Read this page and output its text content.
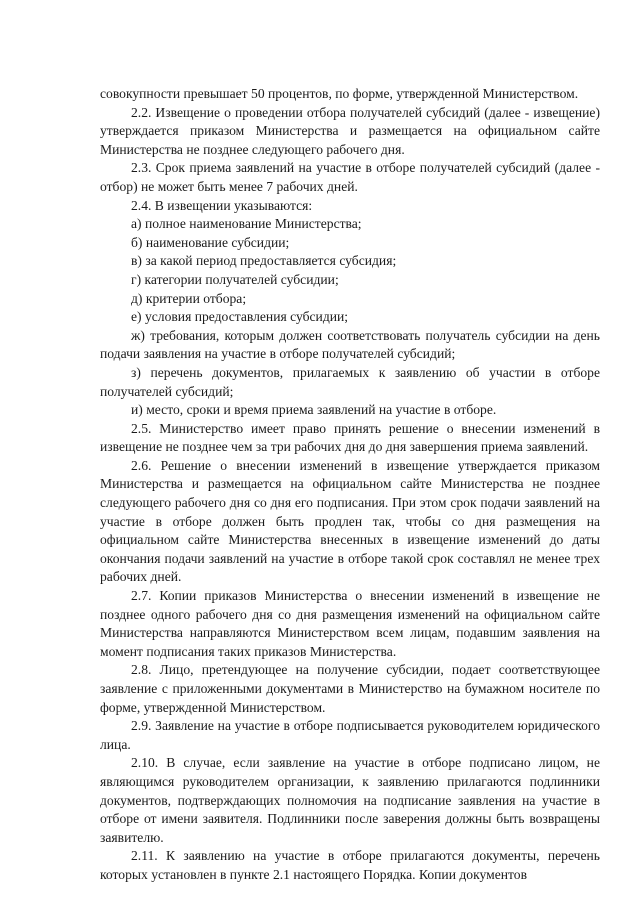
совокупности превышает 50 процентов, по форме, утвержденной Министерством.

2.2. Извещение о проведении отбора получателей субсидий (далее - извещение) утверждается приказом Министерства и размещается на официальном сайте Министерства не позднее следующего рабочего дня.

2.3. Срок приема заявлений на участие в отборе получателей субсидий (далее - отбор) не может быть менее 7 рабочих дней.

2.4. В извещении указываются:

а) полное наименование Министерства;

б) наименование субсидии;

в) за какой период предоставляется субсидия;

г) категории получателей субсидии;

д) критерии отбора;

е) условия предоставления субсидии;

ж) требования, которым должен соответствовать получатель субсидии на день подачи заявления на участие в отборе получателей субсидий;

з) перечень документов, прилагаемых к заявлению об участии в отборе получателей субсидий;

и) место, сроки и время приема заявлений на участие в отборе.

2.5. Министерство имеет право принять решение о внесении изменений в извещение не позднее чем за три рабочих дня до дня завершения приема заявлений.

2.6. Решение о внесении изменений в извещение утверждается приказом Министерства и размещается на официальном сайте Министерства не позднее следующего рабочего дня со дня его подписания. При этом срок подачи заявлений на участие в отборе должен быть продлен так, чтобы со дня размещения на официальном сайте Министерства внесенных в извещение изменений до даты окончания подачи заявлений на участие в отборе такой срок составлял не менее трех рабочих дней.

2.7. Копии приказов Министерства о внесении изменений в извещение не позднее одного рабочего дня со дня размещения изменений на официальном сайте Министерства направляются Министерством всем лицам, подавшим заявления на момент подписания таких приказов Министерства.

2.8. Лицо, претендующее на получение субсидии, подает соответствующее заявление с приложенными документами в Министерство на бумажном носителе по форме, утвержденной Министерством.

2.9. Заявление на участие в отборе подписывается руководителем юридического лица.

2.10. В случае, если заявление на участие в отборе подписано лицом, не являющимся руководителем организации, к заявлению прилагаются подлинники документов, подтверждающих полномочия на подписание заявления на участие в отборе от имени заявителя. Подлинники после заверения должны быть возвращены заявителю.

2.11. К заявлению на участие в отборе прилагаются документы, перечень которых установлен в пункте 2.1 настоящего Порядка. Копии документов
